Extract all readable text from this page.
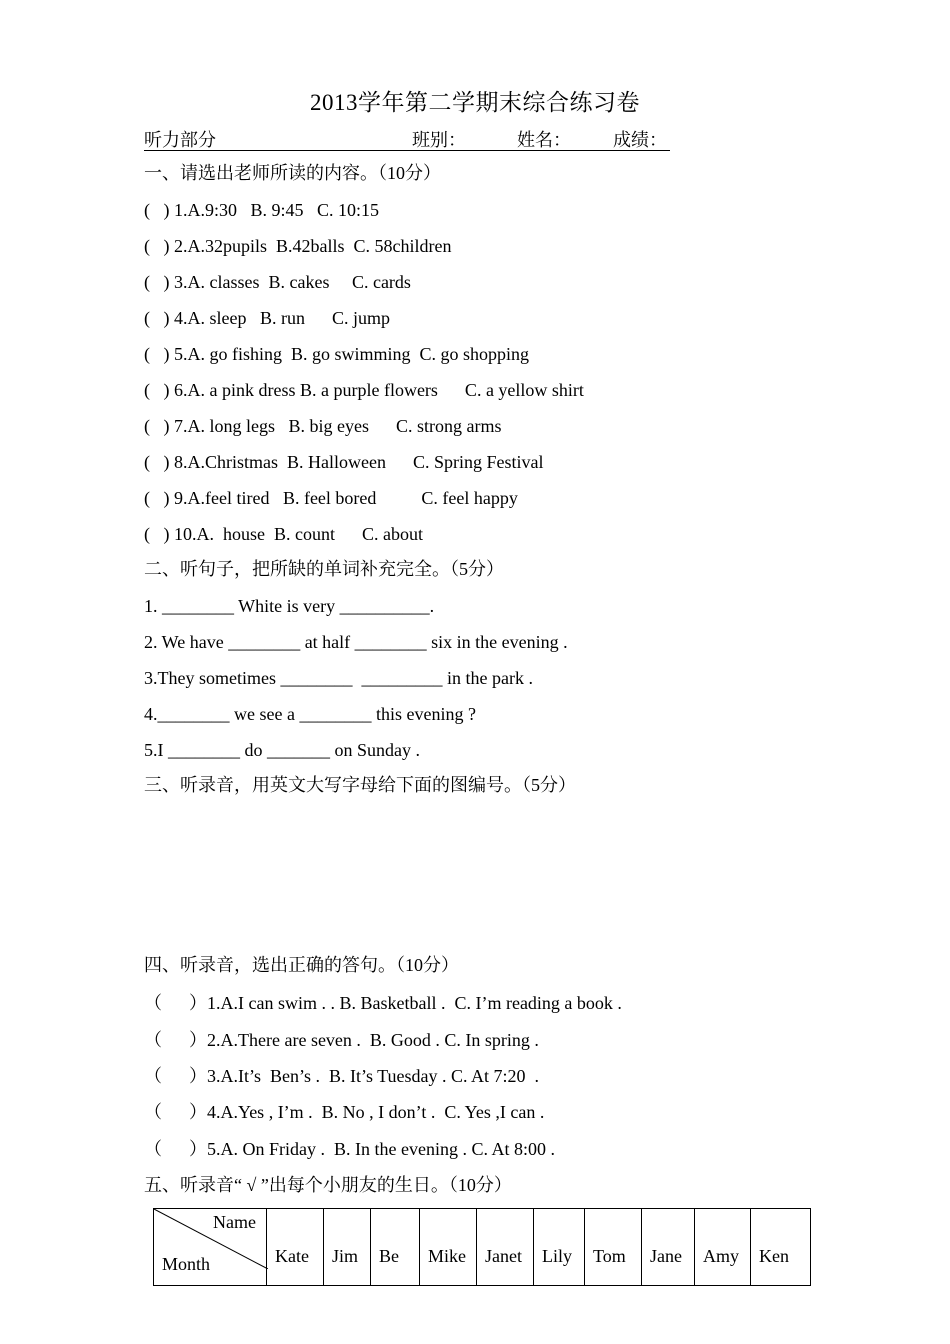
2013学年第二学期末综合练习卷
听力部分	班别：	姓名： 成绩：
一、请选出老师所读的内容。（10分）
(   ) 1.A.9:30   B. 9:45   C. 10:15
(   ) 2.A.32pupils  B.42balls  C. 58children
(   ) 3.A. classes  B. cakes     C. cards
(   ) 4.A. sleep   B. run      C. jump
(   ) 5.A. go fishing  B. go swimming  C. go shopping
(   ) 6.A. a pink dress B. a purple flowers      C. a yellow shirt
(   ) 7.A. long legs   B. big eyes      C. strong arms
(   ) 8.A.Christmas  B. Halloween      C. Spring Festival
(   ) 9.A.feel tired   B. feel bored          C. feel happy
(   ) 10.A.  house  B. count      C. about
二、听句子，把所缺的单词补充完全。（5分）
1. ________ White is very __________.
2. We have ________ at half ________ six in the evening .
3.They sometimes ________  _________ in the park .
4.________ we see a ________ this evening ?
5.I ________ do _______ on Sunday .
三、听录音，用英文大写字母给下面的图编号。（5分）
四、听录音，选出正确的答句。（10分）
（      ）1.A.I can swim . . B. Basketball .  C. I’m reading a book .
（      ）2.A.There are seven .  B. Good . C. In spring .
（      ）3.A.It’s  Ben’s .  B. It’s Tuesday . C. At 7:20  .
（      ）4.A.Yes , I’m .  B. No , I don’t .  C. Yes ,I can .
（      ）5.A. On Friday .  B. In the evening . C. At 8:00 .
五、听录音“ √ ”出每个小朋友的生日。（10分）
Name
Month	Kate	Jim	Be	Mike	Janet	Lily	Tom	Jane	Amy	Ken
